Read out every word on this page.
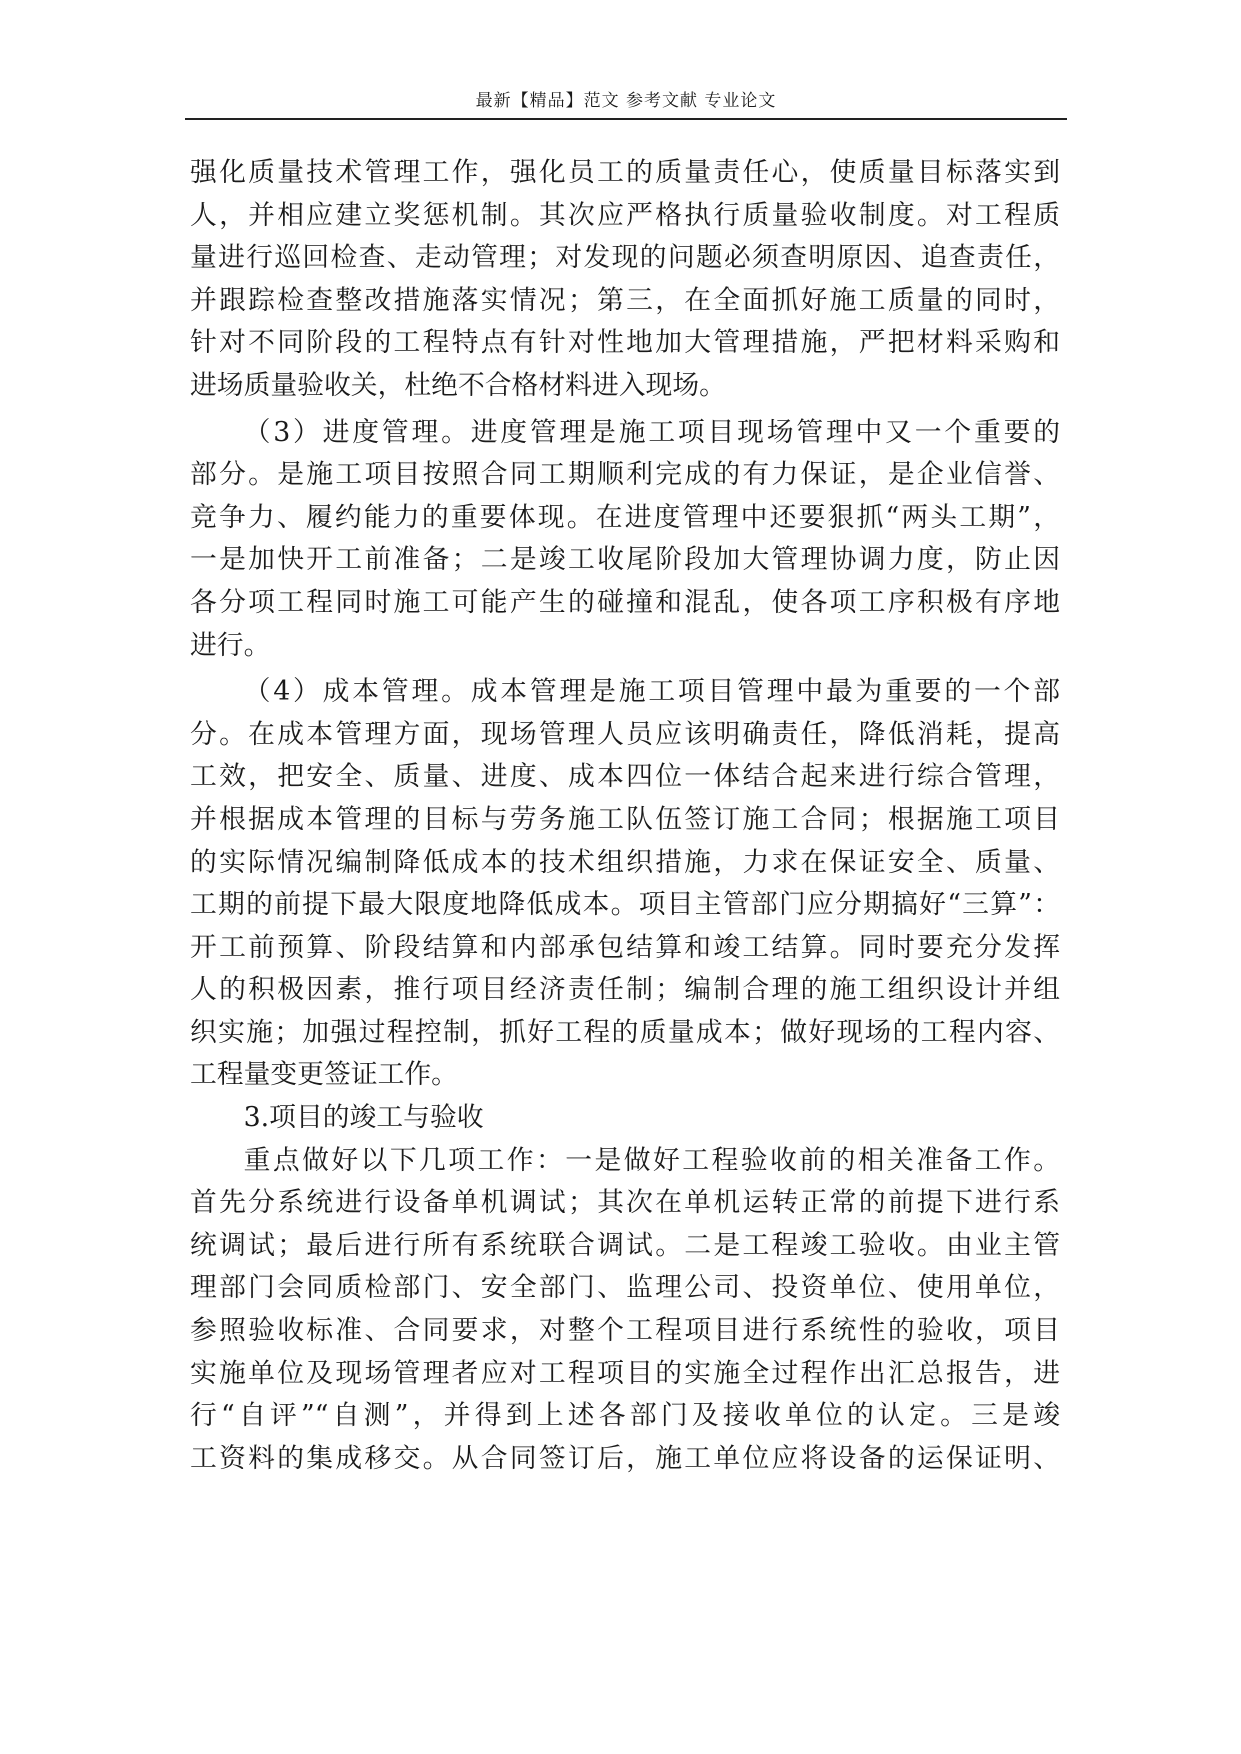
最新【精品】范文 参考文献 专业论文

强化质量技术管理工作，强化员工的质量责任心，使质量目标落实到
人，并相应建立奖惩机制。其次应严格执行质量验收制度。对工程质
量进行巡回检查、走动管理；对发现的问题必须查明原因、追查责任，
并跟踪检查整改措施落实情况；第三，在全面抓好施工质量的同时，
针对不同阶段的工程特点有针对性地加大管理措施，严把材料采购和
进场质量验收关，杜绝不合格材料进入现场。

（3）进度管理。进度管理是施工项目现场管理中又一个重要的
部分。是施工项目按照合同工期顺利完成的有力保证，是企业信誉、
竞争力、履约能力的重要体现。在进度管理中还要狠抓“两头工期”，
一是加快开工前准备；二是竣工收尾阶段加大管理协调力度，防止因
各分项工程同时施工可能产生的碰撞和混乱，使各项工序积极有序地
进行。

（4）成本管理。成本管理是施工项目管理中最为重要的一个部
分。在成本管理方面，现场管理人员应该明确责任，降低消耗，提高
工效，把安全、质量、进度、成本四位一体结合起来进行综合管理，
并根据成本管理的目标与劳务施工队伍签订施工合同；根据施工项目
的实际情况编制降低成本的技术组织措施，力求在保证安全、质量、
工期的前提下最大限度地降低成本。项目主管部门应分期搞好“三算”：
开工前预算、阶段结算和内部承包结算和竣工结算。同时要充分发挥
人的积极因素，推行项目经济责任制；编制合理的施工组织设计并组
织实施；加强过程控制，抓好工程的质量成本；做好现场的工程内容、
工程量变更签证工作。

3.项目的竣工与验收

重点做好以下几项工作：一是做好工程验收前的相关准备工作。
首先分系统进行设备单机调试；其次在单机运转正常的前提下进行系
统调试；最后进行所有系统联合调试。二是工程竣工验收。由业主管
理部门会同质检部门、安全部门、监理公司、投资单位、使用单位，
参照验收标准、合同要求，对整个工程项目进行系统性的验收，项目
实施单位及现场管理者应对工程项目的实施全过程作出汇总报告，进
行“自评”“自测”，并得到上述各部门及接收单位的认定。三是竣
工资料的集成移交。从合同签订后，施工单位应将设备的运保证明、
